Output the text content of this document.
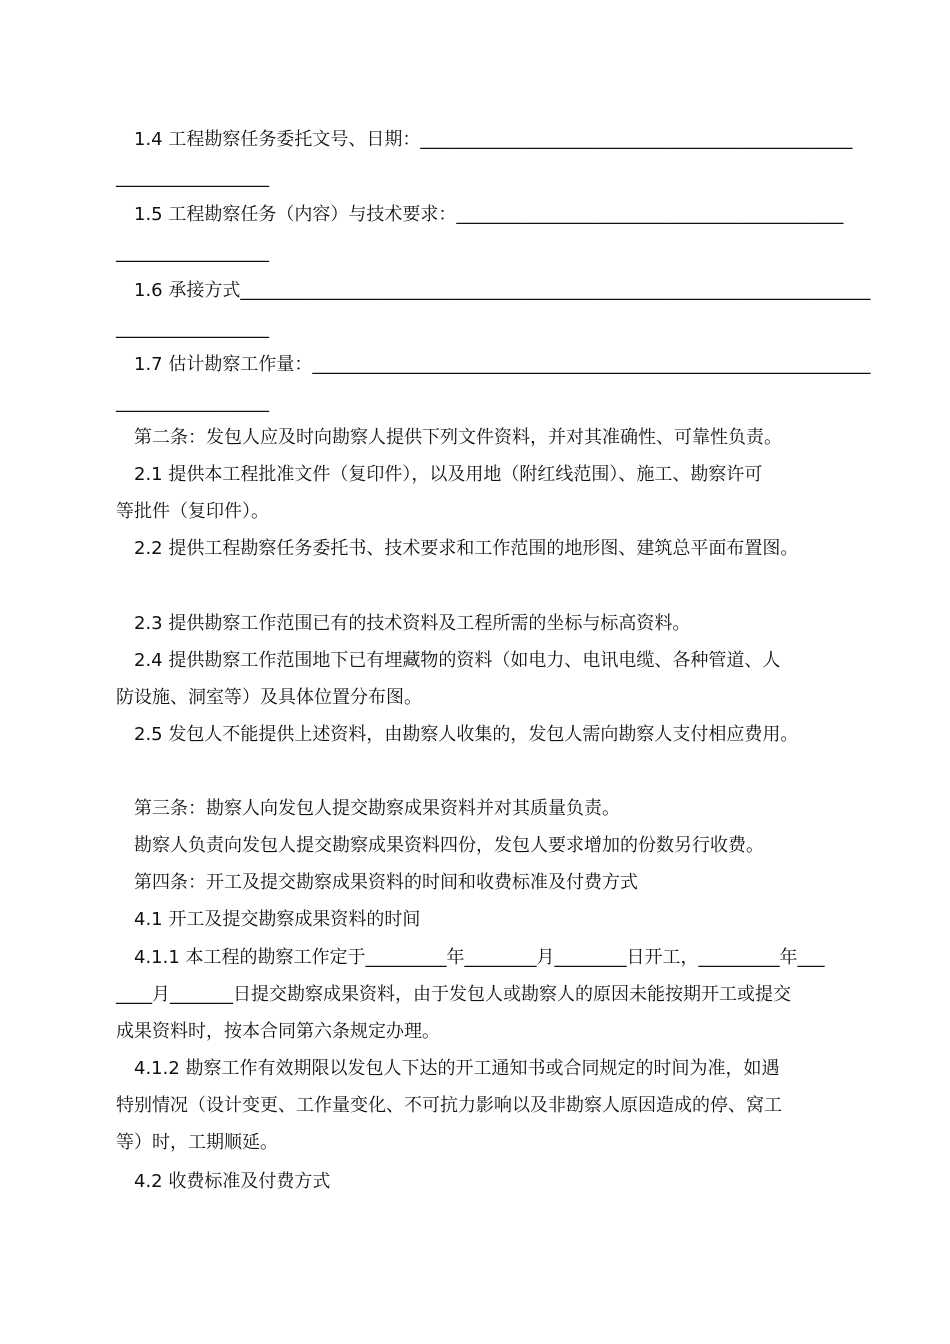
1.4 工程勘察任务委托文号、日期：________________________________________________

_________________

1.5 工程勘察任务（内容）与技术要求：___________________________________________

_________________

1.6 承接方式______________________________________________________________________

_________________

1.7 估计勘察工作量：______________________________________________________________

_________________

第二条：发包人应及时向勘察人提供下列文件资料，并对其准确性、可靠性负责。

2.1 提供本工程批准文件（复印件），以及用地（附红线范围）、施工、勘察许可

等批件（复印件）。

2.2 提供工程勘察任务委托书、技术要求和工作范围的地形图、建筑总平面布置图。

2.3 提供勘察工作范围已有的技术资料及工程所需的坐标与标高资料。

2.4 提供勘察工作范围地下已有埋藏物的资料（如电力、电讯电缆、各种管道、人

防设施、洞室等）及具体位置分布图。

2.5 发包人不能提供上述资料，由勘察人收集的，发包人需向勘察人支付相应费用。

第三条：勘察人向发包人提交勘察成果资料并对其质量负责。

勘察人负责向发包人提交勘察成果资料四份，发包人要求增加的份数另行收费。

第四条：开工及提交勘察成果资料的时间和收费标准及付费方式

4.1 开工及提交勘察成果资料的时间

4.1.1 本工程的勘察工作定于_________年________月________日开工，_________年___

____月_______日提交勘察成果资料，由于发包人或勘察人的原因未能按期开工或提交

成果资料时，按本合同第六条规定办理。

4.1.2 勘察工作有效期限以发包人下达的开工通知书或合同规定的时间为准，如遇

特别情况（设计变更、工作量变化、不可抗力影响以及非勘察人原因造成的停、窝工

等）时，工期顺延。

4.2 收费标准及付费方式
